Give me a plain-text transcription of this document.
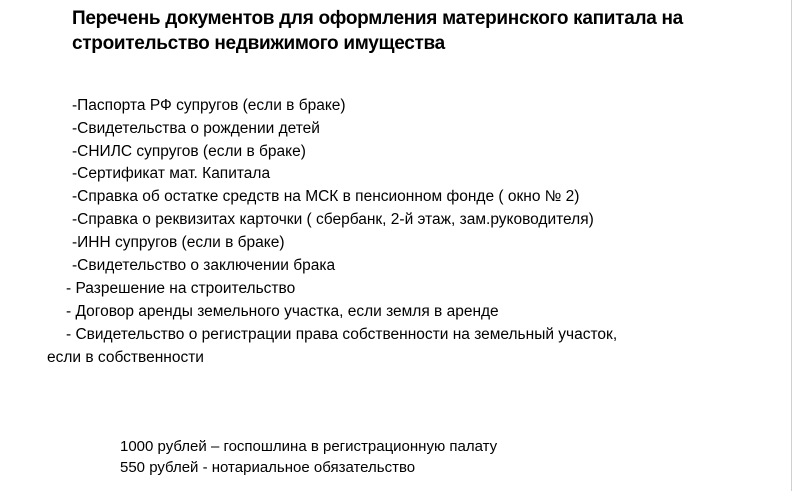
Перечень документов для оформления материнского капитала на
строительство недвижимого имущества
-Паспорта РФ супругов (если в браке)
-Свидетельства о рождении детей
-СНИЛС супругов (если в браке)
-Сертификат мат. Капитала
-Справка об остатке средств на МСК в пенсионном фонде ( окно № 2)
-Справка о реквизитах карточки ( сбербанк, 2-й этаж, зам.руководителя)
-ИНН супругов (если в браке)
-Свидетельство о заключении брака
- Разрешение на строительство
- Договор аренды земельного участка, если земля в аренде
- Свидетельство о регистрации права собственности на земельный участок,
если в собственности
1000 рублей – госпошлина в регистрационную палату
550 рублей - нотариальное обязательство
